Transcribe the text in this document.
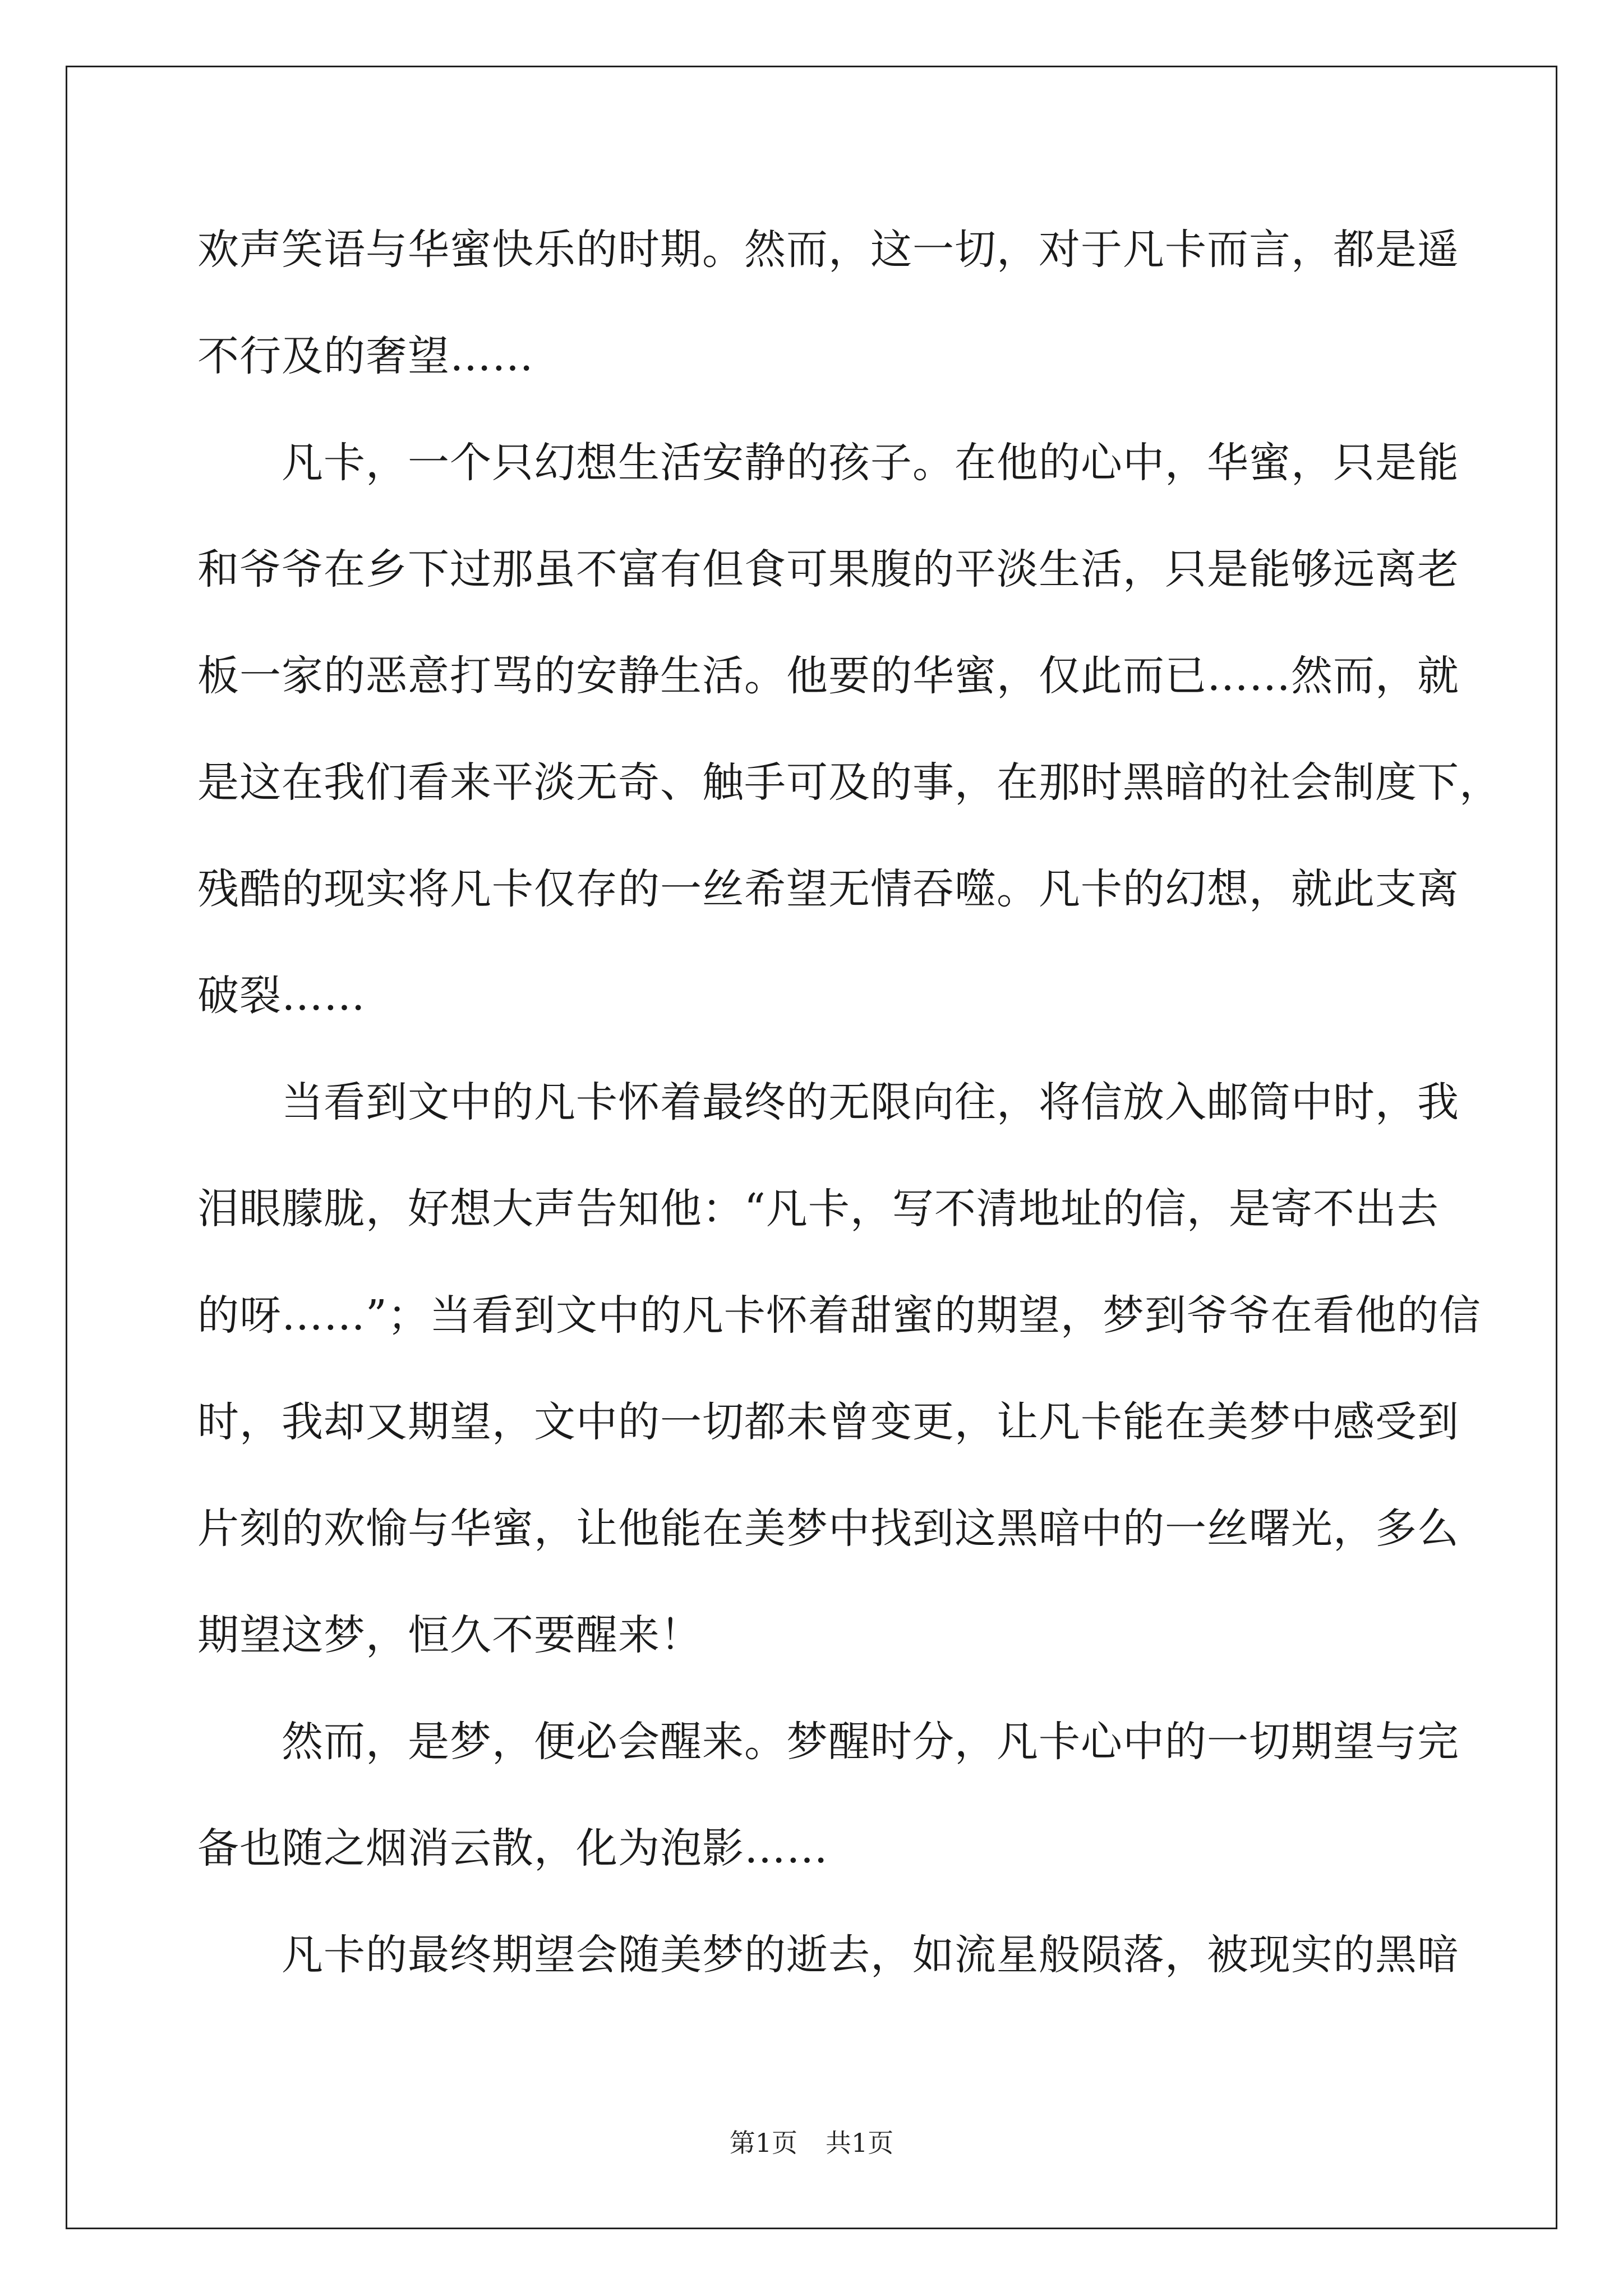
欢声笑语与华蜜快乐的时期。然而，这一切，对于凡卡而言，都是遥
不行及的奢望……
凡卡，一个只幻想生活安静的孩子。在他的心中，华蜜，只是能
和爷爷在乡下过那虽不富有但食可果腹的平淡生活，只是能够远离老
板一家的恶意打骂的安静生活。他要的华蜜，仅此而已……然而，就
是这在我们看来平淡无奇、触手可及的事，在那时黑暗的社会制度下，
残酷的现实将凡卡仅存的一丝希望无情吞噬。凡卡的幻想，就此支离
破裂……
当看到文中的凡卡怀着最终的无限向往，将信放入邮筒中时，我
泪眼朦胧，好想大声告知他：“凡卡，写不清地址的信，是寄不出去
的呀……”；当看到文中的凡卡怀着甜蜜的期望，梦到爷爷在看他的信
时，我却又期望，文中的一切都未曾变更，让凡卡能在美梦中感受到
片刻的欢愉与华蜜，让他能在美梦中找到这黑暗中的一丝曙光，多么
期望这梦，恒久不要醒来！
然而，是梦，便必会醒来。梦醒时分，凡卡心中的一切期望与完
备也随之烟消云散，化为泡影……
凡卡的最终期望会随美梦的逝去，如流星般陨落，被现实的黑暗
第1页 共1页
